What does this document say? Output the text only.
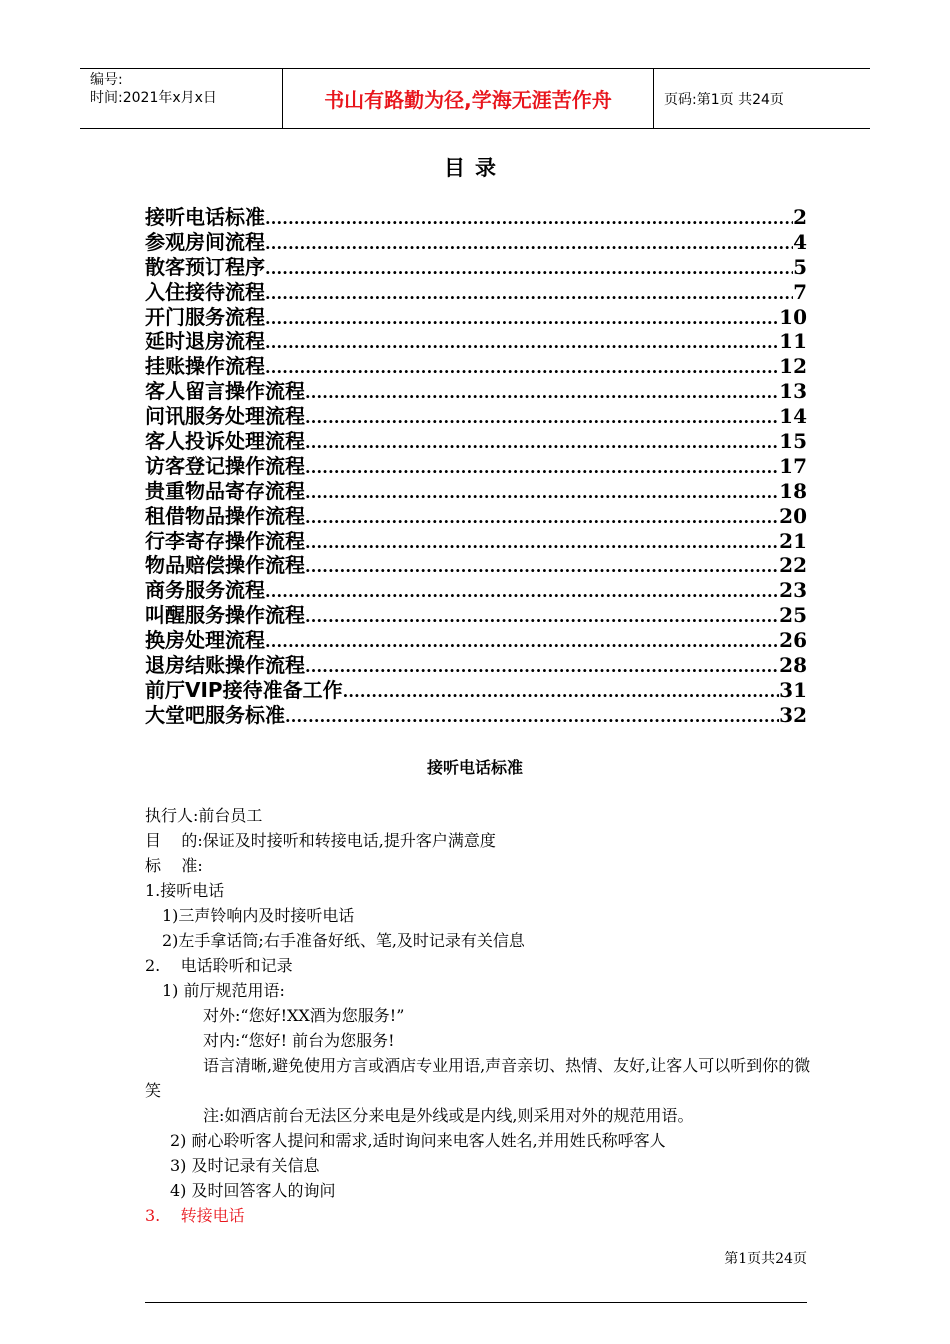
编号:
时间:2021年x月x日	书山有路勤为径,学海无涯苦作舟	页码:第1页 共24页
目录
接听电话标准 .....	2
参观房间流程 .....	4
散客预订程序 .....	5
入住接待流程 .....	7
开门服务流程 .....	10
延时退房流程 .....	11
挂账操作流程 .....	12
客人留言操作流程 .....	13
问讯服务处理流程 .....	14
客人投诉处理流程 .....	15
访客登记操作流程 .....	17
贵重物品寄存流程 .....	18
租借物品操作流程 .....	20
行李寄存操作流程 .....	21
物品赔偿操作流程 .....	22
商务服务流程 .....	23
叫醒服务操作流程 .....	25
换房处理流程 .....	26
退房结账操作流程 .....	28
前厅VIP接待准备工作 .....	31
大堂吧服务标准 .....	32
接听电话标准

执行人:前台员工

目    的:保证及时接听和转接电话,提升客户满意度

标    准:

1.接听电话

1)三声铃响内及时接听电话

2)左手拿话筒;右手准备好纸、笔,及时记录有关信息

2.    电话聆听和记录

1) 前厅规范用语:

对外:“您好!XX酒为您服务!”

对内:“您好! 前台为您服务!

语言清晰,避免使用方言或酒店专业用语,声音亲切、热情、友好,让客人可以听到你的微笑

注:如酒店前台无法区分来电是外线或是内线,则采用对外的规范用语。

2) 耐心聆听客人提问和需求,适时询问来电客人姓名,并用姓氏称呼客人

3) 及时记录有关信息

4) 及时回答客人的询问

3.    转接电话

第1页共24页
